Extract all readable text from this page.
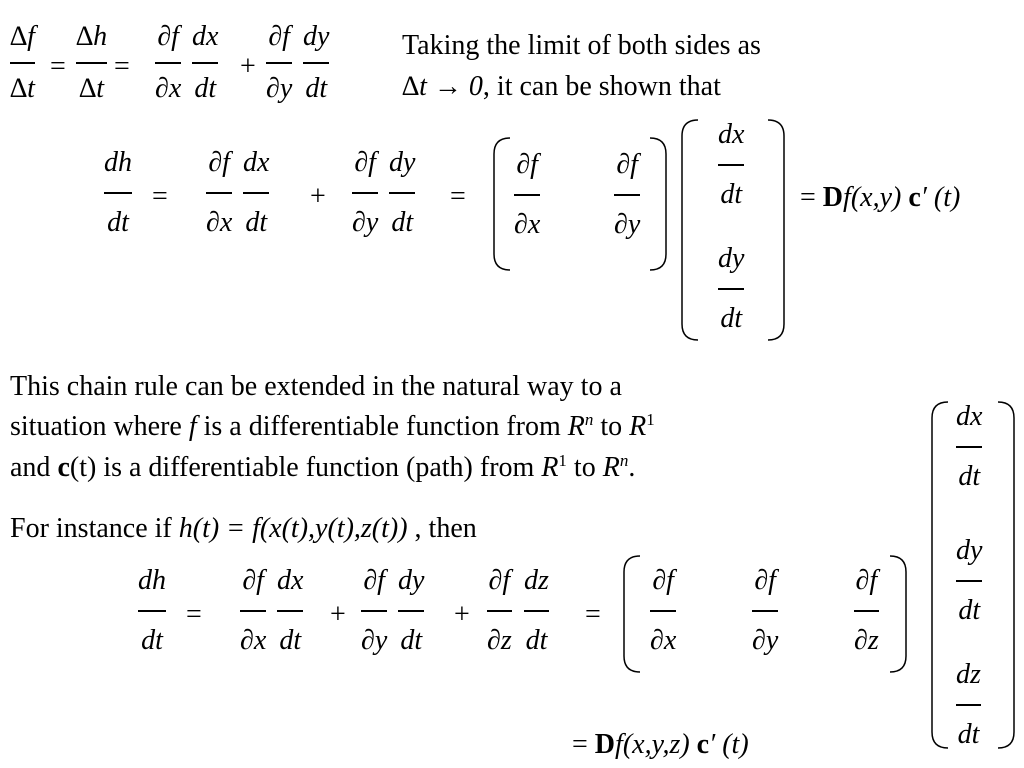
∆f
∆t
=
∆h
∆t
=
∂f
∂x
dx
dt
+
∂f
∂y
dy
dt
Taking the limit of both sides as
∆t → 0, it can be shown that
dh
dt
=
∂f
∂x
dx
dt
+
∂f
∂y
dy
dt
=
∂f
∂x
∂f
∂y
dx
dt
dy
dt
= Df(x,y) c′ (t)
This chain rule can be extended in the natural way to a
situation where f is a differentiable function from $R^n$ to $R^1$
and c(t) is a differentiable function (path) from $R^1$ to $R^n$.
For instance if h(t) = f(x(t),y(t),z(t)) , then
dh
dt
=
∂f
∂x
dx
dt
+
∂f
∂y
dy
dt
+
∂f
∂z
dz
dt
=
∂f
∂x
∂f
∂y
∂f
∂z
dx
dt
dy
dt
dz
dt
= Df(x,y,z) c′ (t)
